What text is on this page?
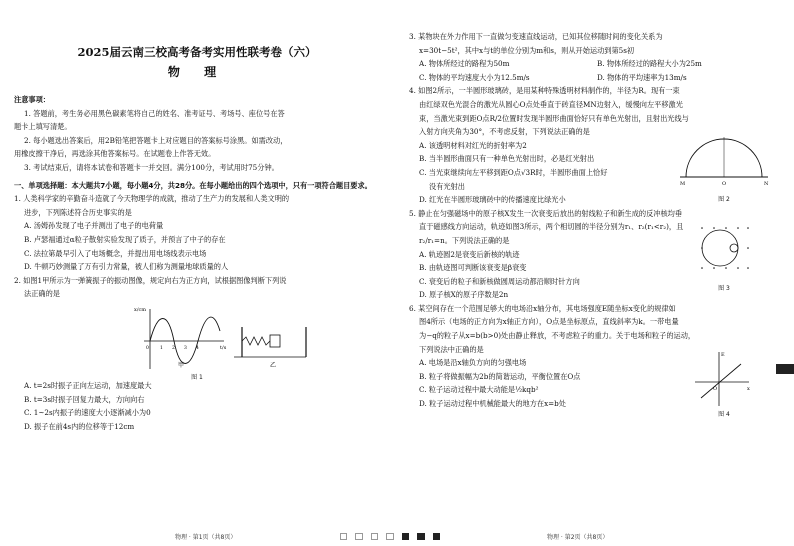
2025届云南三校高考备考实用性联考卷（六）

物 理

注意事项：

1. 答题前，考生务必用黑色碳素笔将自己的姓名、准考证号、考场号、座位号在答

题卡上填写清楚。

2. 每小题选出答案后，用2B铅笔把答题卡上对应题目的答案标号涂黑。如需改动，

用橡皮擦干净后，再选涂其他答案标号。在试题卷上作答无效。

3. 考试结束后，请将本试卷和答题卡一并交回。满分100分，考试用时75分钟。

一、单项选择题：本大题共7小题，每小题4分，共28分。在每小题给出的四个选项中，只有一项符合题目要求。

1. 人类科学家的辛勤奋斗造就了今天物理学的成就，推动了生产力的发展和人类文明的

进步，下列陈述符合历史事实的是

A. 汤姆孙发现了电子并测出了电子的电荷量

B. 卢瑟福通过α粒子散射实验发现了质子，并预言了中子的存在

C. 法拉第最早引入了电场概念，并提出用电场线表示电场

D. 牛顿巧妙测量了万有引力常量，被人们称为测量地球质量的人

2. 如图1甲所示为一弹簧振子的振动图像，规定向右为正方向，试根据图像判断下列说

法正确的是

x/cm
t/s
0 1 2 3 4
甲	乙
图 1

A. t=2s时振子正向左运动，加速度最大

B. t=3s时振子回复力最大，方向向右

C. 1~2s内振子的速度大小逐渐减小为0

D. 振子在前4s内的位移等于12cm

物理 · 第1页（共8页）

3. 某物块在外力作用下一直做匀变速直线运动，已知其位移随时间的变化关系为

x=30t−5t²，其中x与t的单位分别为m和s，则从开始运动到第5s初

A. 物体所经过的路程为50m	B. 物体所经过的路程大小为25m
C. 物体的平均速度大小为12.5m/s	D. 物体的平均速率为13m/s

4. 如图2所示，一半圆形玻璃砖，是用某种特殊透明材料制作的，半径为R。现有一束

由红绿双色光混合的激光从圆心O点处垂直于砖直径MN边射入，缓慢向左平移激光

束，当激光束到距O点R/2位置时发现半圆形曲面恰好只有单色光射出，且射出光线与

入射方向夹角为30°，不考虑反射，下列说法正确的是

A. 该透明材料对红光的折射率为2

B. 当半圆形曲面只有一种单色光射出时，必是红光射出

C. 当光束继续向左平移到距O点√3R时，半圆形曲面上恰好

没有光射出

D. 红光在半圆形玻璃砖中的传播速度比绿光小

M	O	N
图 2

5. 静止在匀强磁场中的原子核X发生一次衰变后放出的射线粒子和新生成的反冲核均垂

直于磁感线方向运动，轨迹如图3所示，两个相切圆的半径分别为r₁、r₂(r₁<r₂)，且

r₂/r₁=n。下列说法正确的是

A. 轨迹圆2是衰变后新核的轨迹

B. 由轨迹图可判断该衰变是β衰变

C. 衰变后的粒子和新核做圆周运动都沿顺时针方向

D. 原子核X的原子序数是2n

图 3

6. 某空间存在一个范围足够大的电场沿x轴分布，其电场强度E随坐标x变化的规律如

图4所示（电场的正方向为x轴正方向），O点是坐标原点，直线斜率为k。一带电量

为−q的粒子从x=b(b>0)处由静止释放，不考虑粒子的重力。关于电场和粒子的运动，

下列说法中正确的是

A. 电场是沿x轴负方向的匀强电场

B. 粒子将做振幅为2b的简谐运动，平衡位置在O点

C. 粒子运动过程中最大动能是½kqb²

D. 粒子运动过程中机械能最大的地方在x=b处

E
x
O
图 4
物理 · 第2页（共8页）
